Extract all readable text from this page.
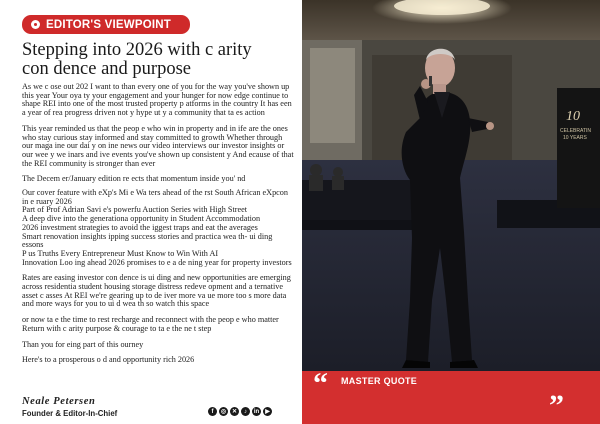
EDITOR'S VIEWPOINT
Stepping into 2026 with c arity
con dence and purpose

As we c ose out 202 I want to than every one of you for the way you've shown up this year Your oya ty your engagement and your hunger for now edge continue to shape REI into one of the most trusted property p atforms in the country It has een a year of rea progress driven not y hype ut y a community that ta es action

This year reminded us that the peop e who win in property and in ife are the ones who stay curious stay informed and stay committed to growth Whether through our maga ine our dai y on ine news our video interviews our investor insights or our wee y we inars and ive events you've shown up consistent y And ecause of that the REI community is stronger than ever

The Decem er/January edition re ects that momentum inside you' nd

Our cover feature with eXp's Mi e Wa ters ahead of the rst South African eXpcon in e ruary 2026
Part of Prof Adrian Savi e's powerfu Auction Series with High Street
A deep dive into the generationa opportunity in Student Accommodation
2026 investment strategies to avoid the iggest traps and eat the averages
Smart renovation insights ipping success stories and practica wea th- ui ding essons
P us Truths Every Entrepreneur Must Know to Win With AI
Innovation Loo ing ahead 2026 promises to e a de ning year for property investors

Rates are easing investor con dence is ui ding and new opportunities are emerging across residentia student housing storage distress redeve opment and a ternative asset c asses At REI we're gearing up to de iver more va ue more too s more data and more ways for you to ui d wea th so watch this space

or now ta e the time to rest recharge and reconnect with the peop e who matter Return with c arity purpose & courage to ta e the ne t step

Than you for eing part of this ourney

Here's to a prosperous o d and opportunity rich 2026

Neale Petersen
Founder & Editor-In-Chief	f	◎ ✕	♪	in	▶
10
CELEBRATIN
10 YEARS
“ MASTER QUOTE
”
